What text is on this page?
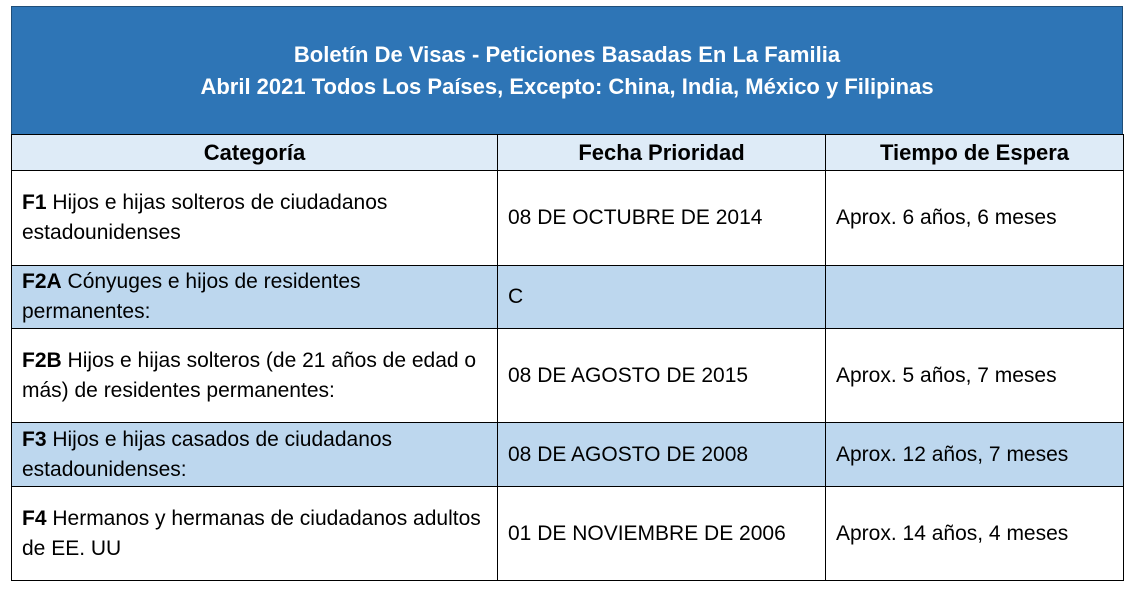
Boletín De Visas - Peticiones Basadas En La Familia
Abril 2021 Todos Los Países, Excepto: China, India, México y Filipinas
Categoría	Fecha Prioridad	Tiempo de Espera
F1 Hijos e hijas solteros de ciudadanos estadounidenses	08 DE OCTUBRE DE 2014	Aprox. 6 años, 6 meses
F2A Cónyuges e hijos de residentes permanentes:	C	
F2B Hijos e hijas solteros (de 21 años de edad o más) de residentes permanentes:	08 DE AGOSTO DE 2015	Aprox. 5 años, 7 meses
F3 Hijos e hijas casados de ciudadanos estadounidenses:	08 DE AGOSTO DE 2008	Aprox. 12 años, 7 meses
F4 Hermanos y hermanas de ciudadanos adultos de EE. UU	01 DE NOVIEMBRE DE 2006	Aprox. 14 años, 4 meses
